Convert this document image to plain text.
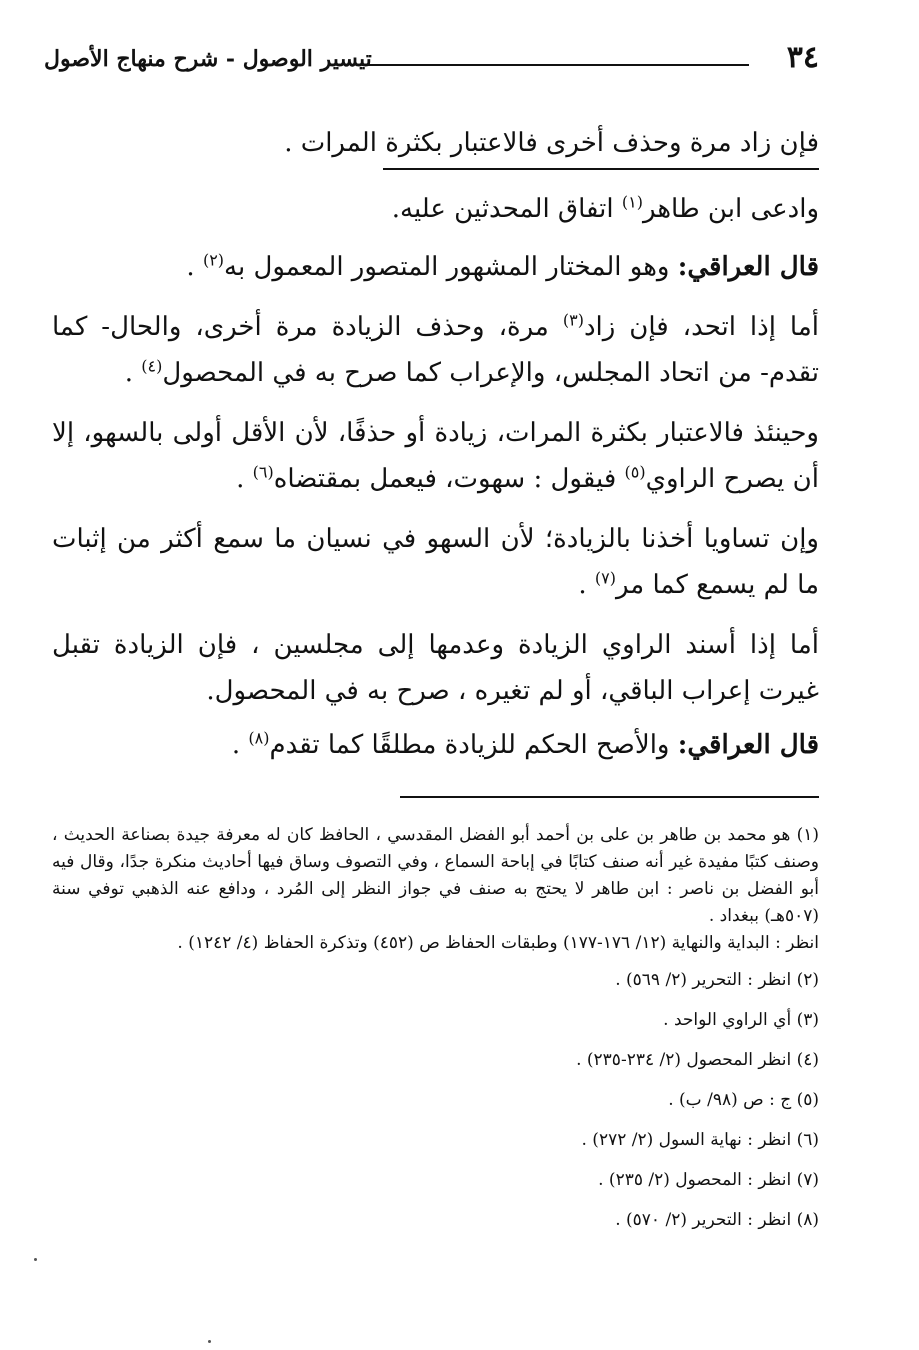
٣٤
تيسير الوصول - شرح منهاج الأصول

فإن زاد مرة وحذف أخرى فالاعتبار بكثرة المرات .

وادعى ابن طاهر$^{(١)}$ اتفاق المحدثين عليه.

قال العراقي: وهو المختار المشهور المتصور المعمول به$^{(٢)}$ .

أما إذا اتحد، فإن زاد$^{(٣)}$ مرة، وحذف الزيادة مرة أخرى، والحال- كما تقدم- من اتحاد المجلس، والإعراب كما صرح به في المحصول$^{(٤)}$ .

وحينئذ فالاعتبار بكثرة المرات، زيادة أو حذفًا، لأن الأقل أولى بالسهو، إلا أن يصرح الراوي$^{(٥)}$ فيقول : سهوت، فيعمل بمقتضاه$^{(٦)}$ .

وإن تساويا أخذنا بالزيادة؛ لأن السهو في نسيان ما سمع أكثر من إثبات ما لم يسمع كما مر$^{(٧)}$ .

أما إذا أسند الراوي الزيادة وعدمها إلى مجلسين ، فإن الزيادة تقبل غيرت إعراب الباقي، أو لم تغيره ، صرح به في المحصول.

قال العراقي: والأصح الحكم للزيادة مطلقًا كما تقدم$^{(٨)}$ .

(١) هو محمد بن طاهر بن على بن أحمد أبو الفضل المقدسي ، الحافظ كان له معرفة جيدة بصناعة الحديث ، وصنف كتبًا مفيدة غير أنه صنف كتابًا في إباحة السماع ، وفي التصوف وساق فيها أحاديث منكرة جدًا، وقال فيه أبو الفضل بن ناصر : ابن طاهر لا يحتج به صنف في جواز النظر إلى المُرد ، ودافع عنه الذهبي توفي سنة (٥٠٧هـ) ببغداد .

انظر : البداية والنهاية (١٢/ ١٧٦-١٧٧) وطبقات الحفاظ ص (٤٥٢) وتذكرة الحفاظ (٤/ ١٢٤٢) .

(٢) انظر : التحرير (٢/ ٥٦٩) .

(٣) أي الراوي الواحد .

(٤) انظر المحصول (٢/ ٢٣٤-٢٣٥) .

(٥) ج : ص (٩٨/ ب) .

(٦) انظر : نهاية السول (٢/ ٢٧٢) .

(٧) انظر : المحصول (٢/ ٢٣٥) .

(٨) انظر : التحرير (٢/ ٥٧٠) .
